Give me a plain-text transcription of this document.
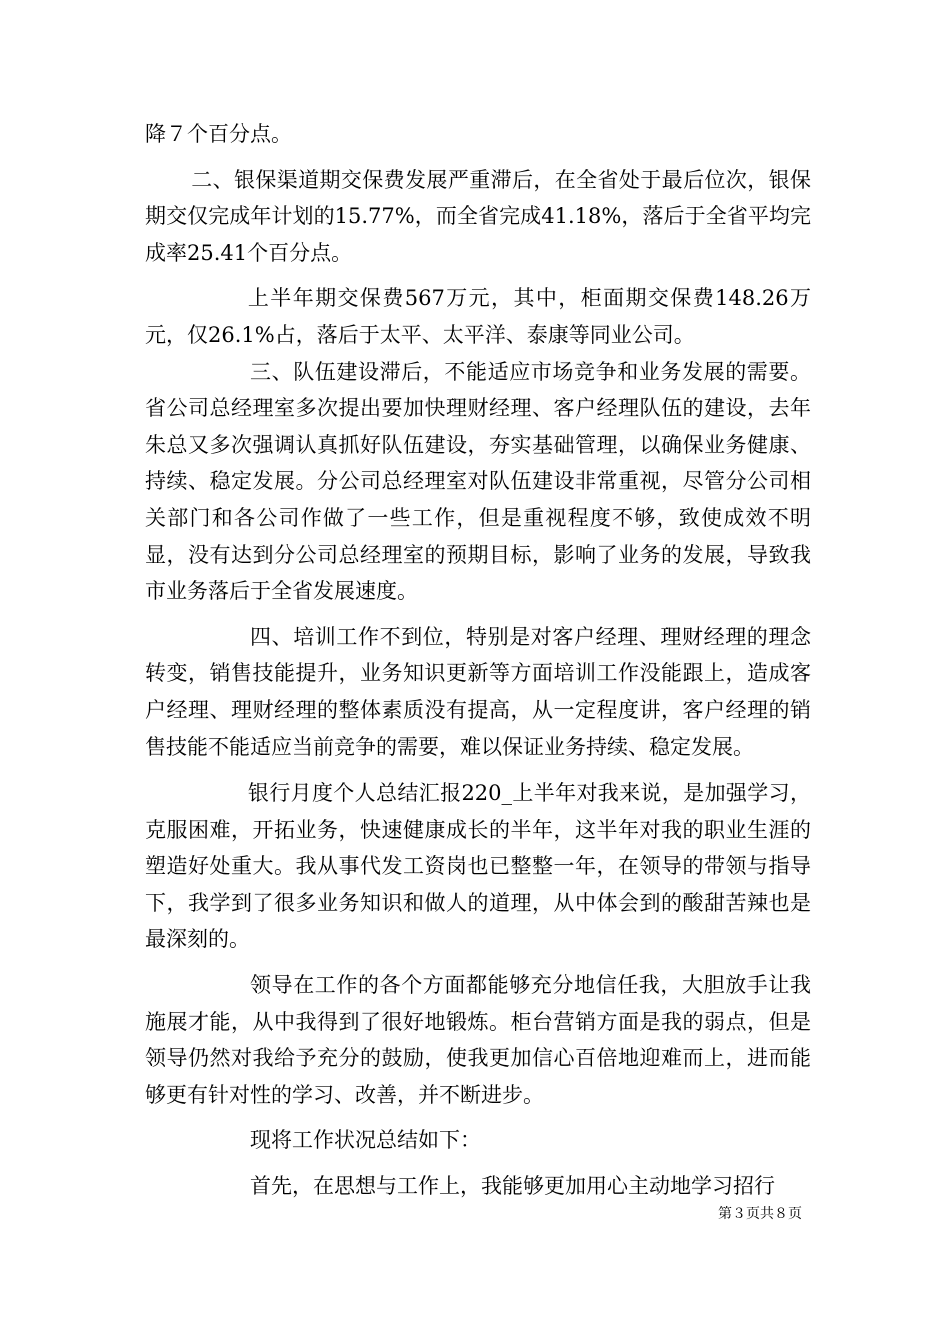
降７个百分点。

二、银保渠道期交保费发展严重滞后，在全省处于最后位次，银保期交仅完成年计划的15.77%，而全省完成41.18%，落后于全省平均完成率25.41个百分点。

上半年期交保费567万元，其中，柜面期交保费148.26万元，仅26.1%占，落后于太平、太平洋、泰康等同业公司。

三、队伍建设滞后，不能适应市场竞争和业务发展的需要。省公司总经理室多次提出要加快理财经理、客户经理队伍的建设，去年朱总又多次强调认真抓好队伍建设，夯实基础管理，以确保业务健康、持续、稳定发展。分公司总经理室对队伍建设非常重视，尽管分公司相关部门和各公司作做了一些工作，但是重视程度不够，致使成效不明显，没有达到分公司总经理室的预期目标，影响了业务的发展，导致我市业务落后于全省发展速度。

四、培训工作不到位，特别是对客户经理、理财经理的理念转变，销售技能提升，业务知识更新等方面培训工作没能跟上，造成客户经理、理财经理的整体素质没有提高，从一定程度讲，客户经理的销售技能不能适应当前竞争的需要，难以保证业务持续、稳定发展。

银行月度个人总结汇报220_上半年对我来说，是加强学习，克服困难，开拓业务，快速健康成长的半年，这半年对我的职业生涯的塑造好处重大。我从事代发工资岗也已整整一年，在领导的带领与指导下，我学到了很多业务知识和做人的道理，从中体会到的酸甜苦辣也是最深刻的。

领导在工作的各个方面都能够充分地信任我，大胆放手让我施展才能，从中我得到了很好地锻炼。柜台营销方面是我的弱点，但是领导仍然对我给予充分的鼓励，使我更加信心百倍地迎难而上，进而能够更有针对性的学习、改善，并不断进步。

现将工作状况总结如下：

首先，在思想与工作上，我能够更加用心主动地学习招行

第３页共８页
